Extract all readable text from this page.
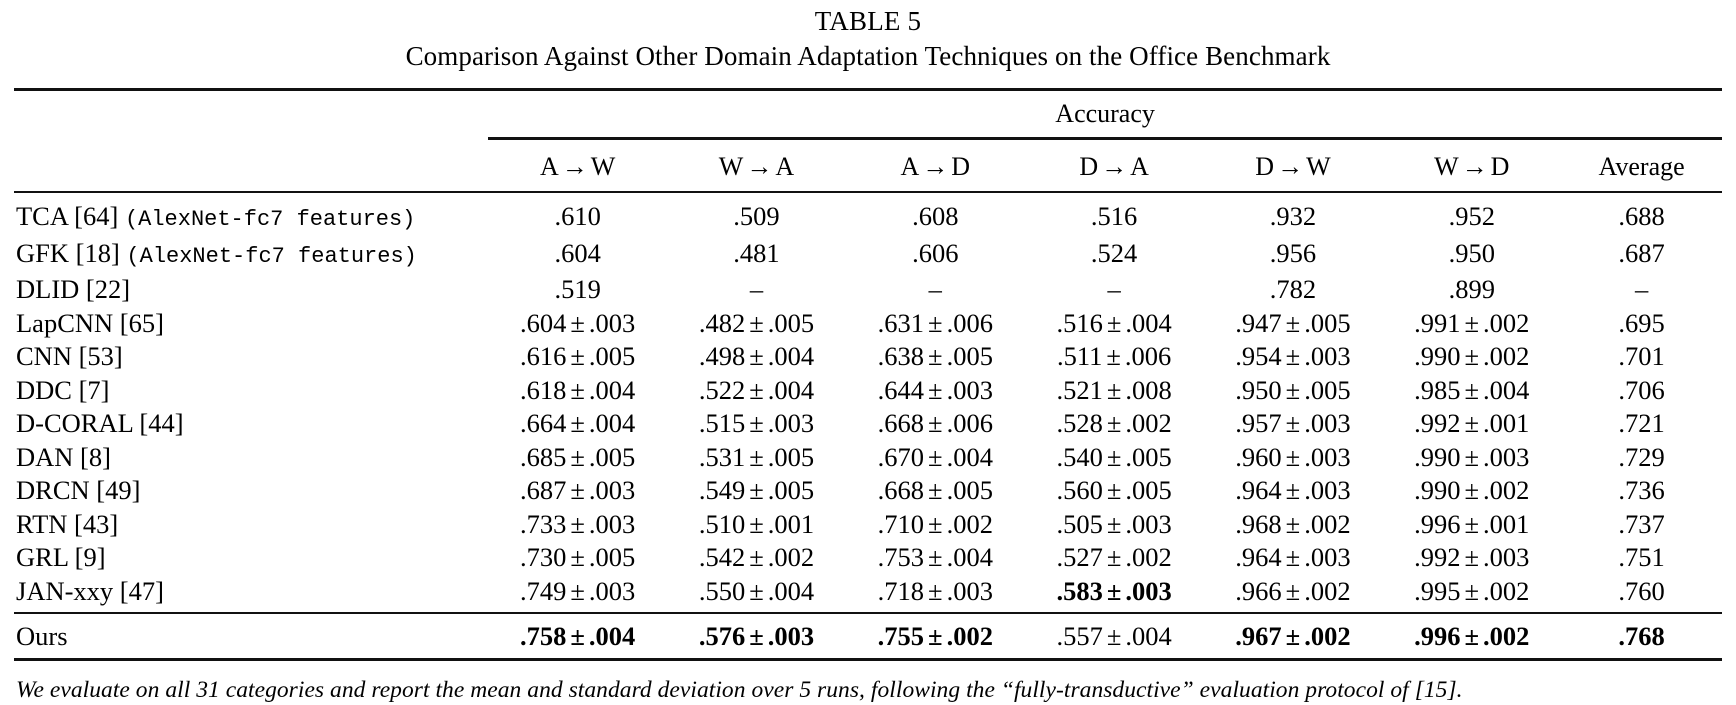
TABLE 5
Comparison Against Other Domain Adaptation Techniques on the Office Benchmark
	Accuracy						

	A → W	W → A	A → D	D → A	D → W	W → D	Average

TCA [64] (AlexNet-fc7 features)	.610	.509	.608	.516	.932	.952	.688
GFK [18] (AlexNet-fc7 features)	.604	.481	.606	.524	.956	.950	.687
DLID [22]	.519	–	–	–	.782	.899	–
LapCNN [65]	.604 ± .003	.482 ± .005	.631 ± .006	.516 ± .004	.947 ± .005	.991 ± .002	.695
CNN [53]	.616 ± .005	.498 ± .004	.638 ± .005	.511 ± .006	.954 ± .003	.990 ± .002	.701
DDC [7]	.618 ± .004	.522 ± .004	.644 ± .003	.521 ± .008	.950 ± .005	.985 ± .004	.706
D-CORAL [44]	.664 ± .004	.515 ± .003	.668 ± .006	.528 ± .002	.957 ± .003	.992 ± .001	.721
DAN [8]	.685 ± .005	.531 ± .005	.670 ± .004	.540 ± .005	.960 ± .003	.990 ± .003	.729
DRCN [49]	.687 ± .003	.549 ± .005	.668 ± .005	.560 ± .005	.964 ± .003	.990 ± .002	.736
RTN [43]	.733 ± .003	.510 ± .001	.710 ± .002	.505 ± .003	.968 ± .002	.996 ± .001	.737
GRL [9]	.730 ± .005	.542 ± .002	.753 ± .004	.527 ± .002	.964 ± .003	.992 ± .003	.751
JAN-xxy [47]	.749 ± .003	.550 ± .004	.718 ± .003	.583 ± .003	.966 ± .002	.995 ± .002	.760

Ours	.758 ± .004	.576 ± .003	.755 ± .002	.557 ± .004	.967 ± .002	.996 ± .002	.768
We evaluate on all 31 categories and report the mean and standard deviation over 5 runs, following the “fully-transductive” evaluation protocol of [15].
